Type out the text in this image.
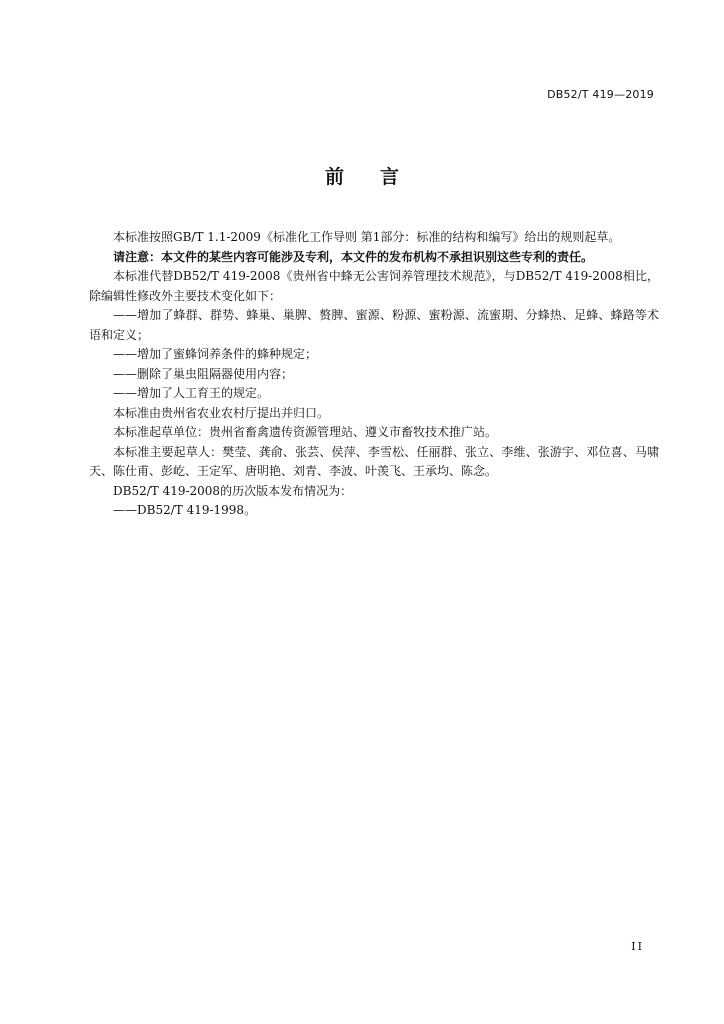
DB52/T 419—2019
前言

本标准按照GB/T 1.1-2009《标准化工作导则 第1部分：标准的结构和编写》给出的规则起草。

请注意：本文件的某些内容可能涉及专利，本文件的发布机构不承担识别这些专利的责任。

本标准代替DB52/T 419-2008《贵州省中蜂无公害饲养管理技术规范》，与DB52/T 419-2008相比，除编辑性修改外主要技术变化如下：

——增加了蜂群、群势、蜂巢、巢脾、赘脾、蜜源、粉源、蜜粉源、流蜜期、分蜂热、足蜂、蜂路等术语和定义；

——增加了蜜蜂饲养条件的蜂种规定；

——删除了巢虫阻隔器使用内容；

——增加了人工育王的规定。

本标准由贵州省农业农村厅提出并归口。

本标准起草单位：贵州省畜禽遗传资源管理站、遵义市畜牧技术推广站。

本标准主要起草人：樊莹、龚俞、张芸、侯萍、李雪松、任丽群、张立、李维、张游宇、邓位喜、马啸天、陈仕甫、彭屹、王定军、唐明艳、刘青、李波、叶羡飞、王承均、陈念。

DB52/T 419-2008的历次版本发布情况为：

——DB52/T 419-1998。

II
